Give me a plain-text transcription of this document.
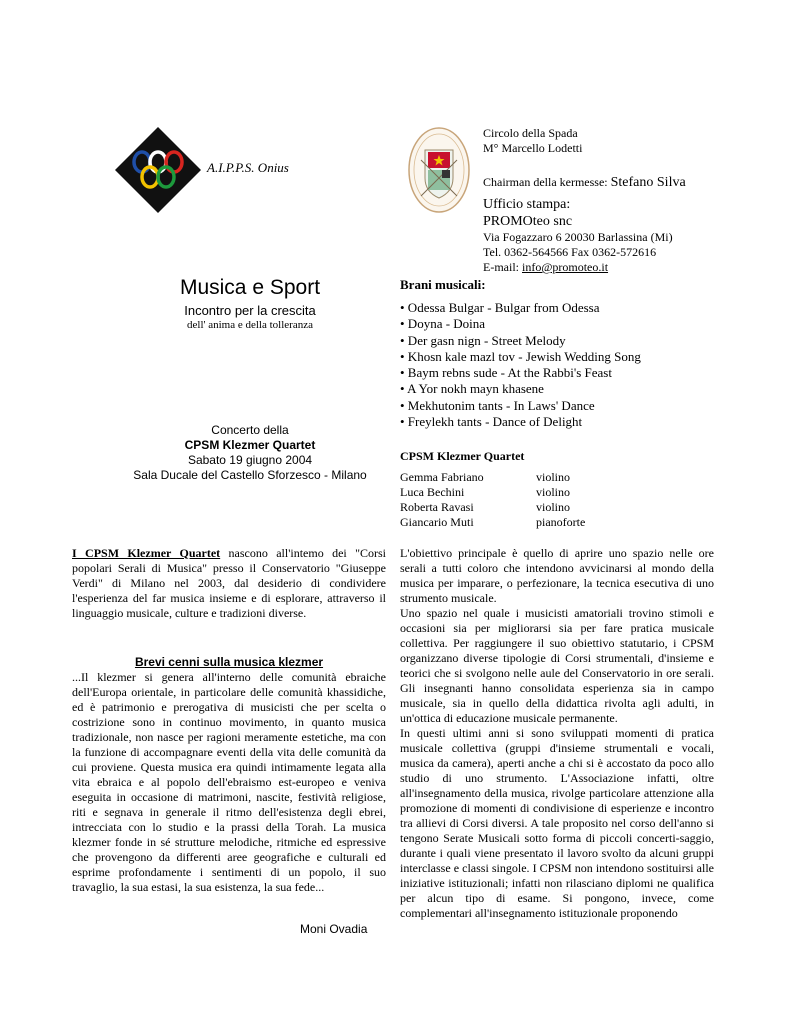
A.I.P.P.S. Onius
Circolo della Spada
M° Marcello Lodetti
Chairman della kermesse: Stefano Silva
Ufficio stampa:
PROMOteo snc
Via Fogazzaro 6 20030 Barlassina (Mi)
Tel. 0362-564566 Fax 0362-572616
E-mail: info@promoteo.it
Musica e Sport
Incontro per la crescita
dell' anima e della tolleranza
Concerto della
CPSM Klezmer Quartet
Sabato 19 giugno 2004
Sala Ducale del Castello Sforzesco - Milano
Brani musicali:
• Odessa Bulgar - Bulgar from Odessa
• Doyna - Doina
• Der gasn nign - Street Melody
• Khosn kale mazl tov - Jewish Wedding Song
• Baym rebns sude - At the Rabbi's Feast
• A Yor nokh mayn khasene
• Mekhutonim tants - In Laws' Dance
• Freylekh tants - Dance of Delight
CPSM Klezmer Quartet
Gemma Fabriano	violino
Luca Bechini	violino
Roberta Ravasi	violino
Giancario Muti	pianoforte
I CPSM Klezmer Quartet nascono all'intemo dei "Corsi popolari Serali di Musica" presso il Conservatorio "Giuseppe Verdi" di Milano nel 2003, dal desiderio di condividere l'esperienza del far musica insieme e di esplorare, attraverso il linguaggio musicale, culture e tradizioni diverse.
Brevi cenni sulla musica klezmer
...Il klezmer si genera all'interno delle comunità ebraiche dell'Europa orientale, in particolare delle comunità khassidiche, ed è patrimonio e prerogativa di musicisti che per scelta o costrizione sono in continuo movimento, in quanto musica tradizionale, non nasce per ragioni meramente estetiche, ma con la funzione di accompagnare eventi della vita delle comunità da cui proviene. Questa musica era quindi intimamente legata alla vita ebraica e al popolo dell'ebraismo est-europeo e veniva eseguita in occasione di matrimoni, nascite, festività religiose, riti e segnava in generale il ritmo dell'esistenza degli ebrei, intrecciata con lo studio e la prassi della Torah. La musica klezmer fonde in sé strutture melodiche, ritmiche ed espressive che provengono da differenti aree geografiche e culturali ed esprime profondamente i sentimenti di un popolo, il suo travaglio, la sua estasi, la sua esistenza, la sua fede...
Moni Ovadia

L'obiettivo principale è quello di aprire uno spazio nelle ore serali a tutti coloro che intendono avvicinarsi al mondo della musica per imparare, o perfezionare, la tecnica esecutiva di uno strumento musicale.

Uno spazio nel quale i musicisti amatoriali trovino stimoli e occasioni sia per migliorarsi sia per fare pratica musicale collettiva. Per raggiungere il suo obiettivo statutario, i CPSM organizzano diverse tipologie di Corsi strumentali, d'insieme e teorici che si svolgono nelle aule del Conservatorio in ore serali. Gli insegnanti hanno consolidata esperienza sia in campo musicale, sia in quello della didattica rivolta agli adulti, in un'ottica di educazione musicale permanente.

In questi ultimi anni si sono sviluppati momenti di pratica musicale collettiva (gruppi d'insieme strumentali e vocali, musica da camera), aperti anche a chi si è accostato da poco allo studio di uno strumento. L'Associazione infatti, oltre all'insegnamento della musica, rivolge particolare attenzione alla promozione di momenti di condivisione di esperienze e incontro tra allievi di Corsi diversi. A tale proposito nel corso dell'anno si tengono Serate Musicali sotto forma di piccoli concerti-saggio, durante i quali viene presentato il lavoro svolto da alcuni gruppi interclasse e classi singole. I CPSM non intendono sostituirsi alle iniziative istituzionali; infatti non rilasciano diplomi ne qualifica per alcun tipo di esame. Si pongono, invece, come complementari all'insegnamento istituzionale proponendo
